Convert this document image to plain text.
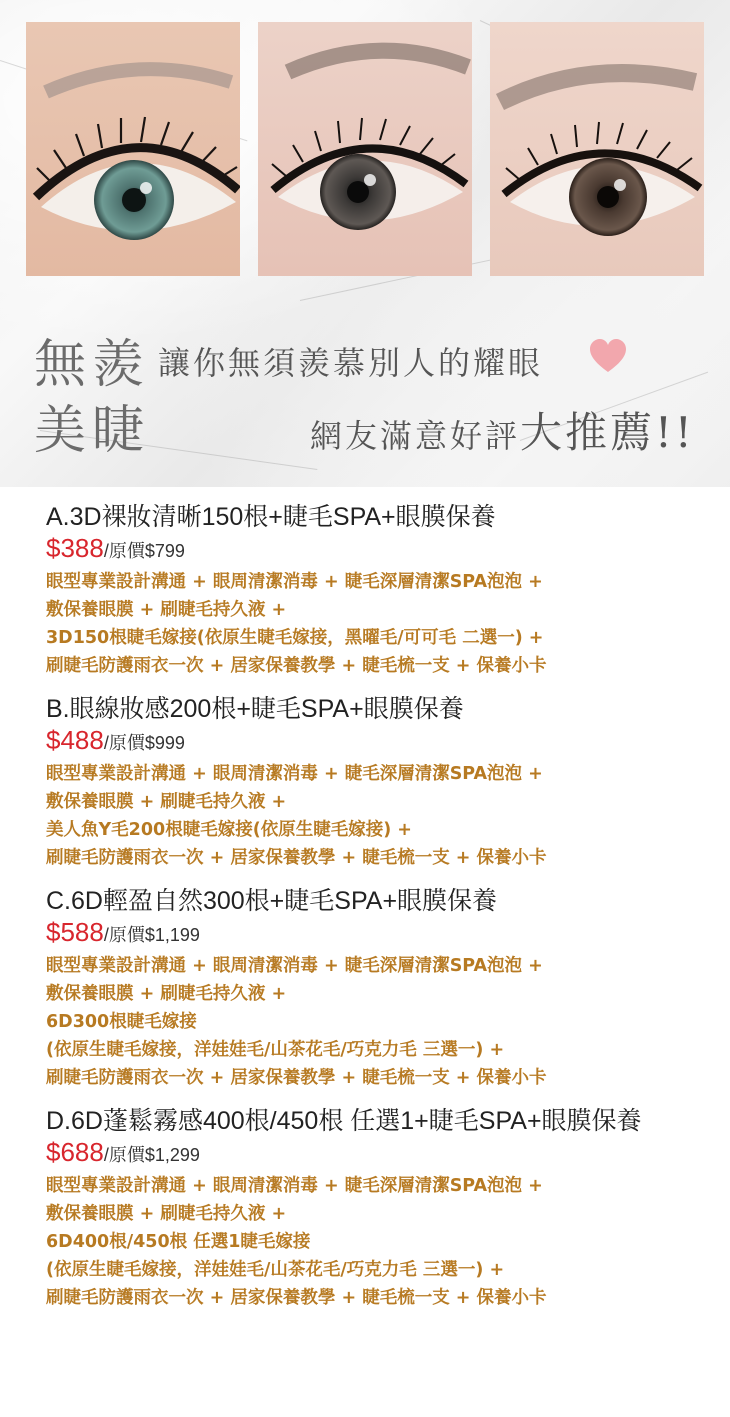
無羨
美睫
讓你無須羨慕別人的耀眼
網友滿意好評大推薦!!
A.3D裸妝清晰150根+睫毛SPA+眼膜保養
$388/原價$799
眼型專業設計溝通 + 眼周清潔消毒 + 睫毛深層清潔SPA泡泡 +
敷保養眼膜 + 刷睫毛持久液 +
3D150根睫毛嫁接(依原生睫毛嫁接，黑曜毛/可可毛 二選一) +
刷睫毛防護雨衣一次 + 居家保養教學 + 睫毛梳一支 + 保養小卡
B.眼線妝感200根+睫毛SPA+眼膜保養
$488/原價$999
眼型專業設計溝通 + 眼周清潔消毒 + 睫毛深層清潔SPA泡泡 +
敷保養眼膜 + 刷睫毛持久液 +
美人魚Y毛200根睫毛嫁接(依原生睫毛嫁接) +
刷睫毛防護雨衣一次 + 居家保養教學 + 睫毛梳一支 + 保養小卡
C.6D輕盈自然300根+睫毛SPA+眼膜保養
$588/原價$1,199
眼型專業設計溝通 + 眼周清潔消毒 + 睫毛深層清潔SPA泡泡 +
敷保養眼膜 + 刷睫毛持久液 +
6D300根睫毛嫁接
(依原生睫毛嫁接，洋娃娃毛/山茶花毛/巧克力毛 三選一) +
刷睫毛防護雨衣一次 + 居家保養教學 + 睫毛梳一支 + 保養小卡
D.6D蓬鬆霧感400根/450根 任選1+睫毛SPA+眼膜保養
$688/原價$1,299
眼型專業設計溝通 + 眼周清潔消毒 + 睫毛深層清潔SPA泡泡 +
敷保養眼膜 + 刷睫毛持久液 +
6D400根/450根 任選1睫毛嫁接
(依原生睫毛嫁接，洋娃娃毛/山茶花毛/巧克力毛 三選一) +
刷睫毛防護雨衣一次 + 居家保養教學 + 睫毛梳一支 + 保養小卡
